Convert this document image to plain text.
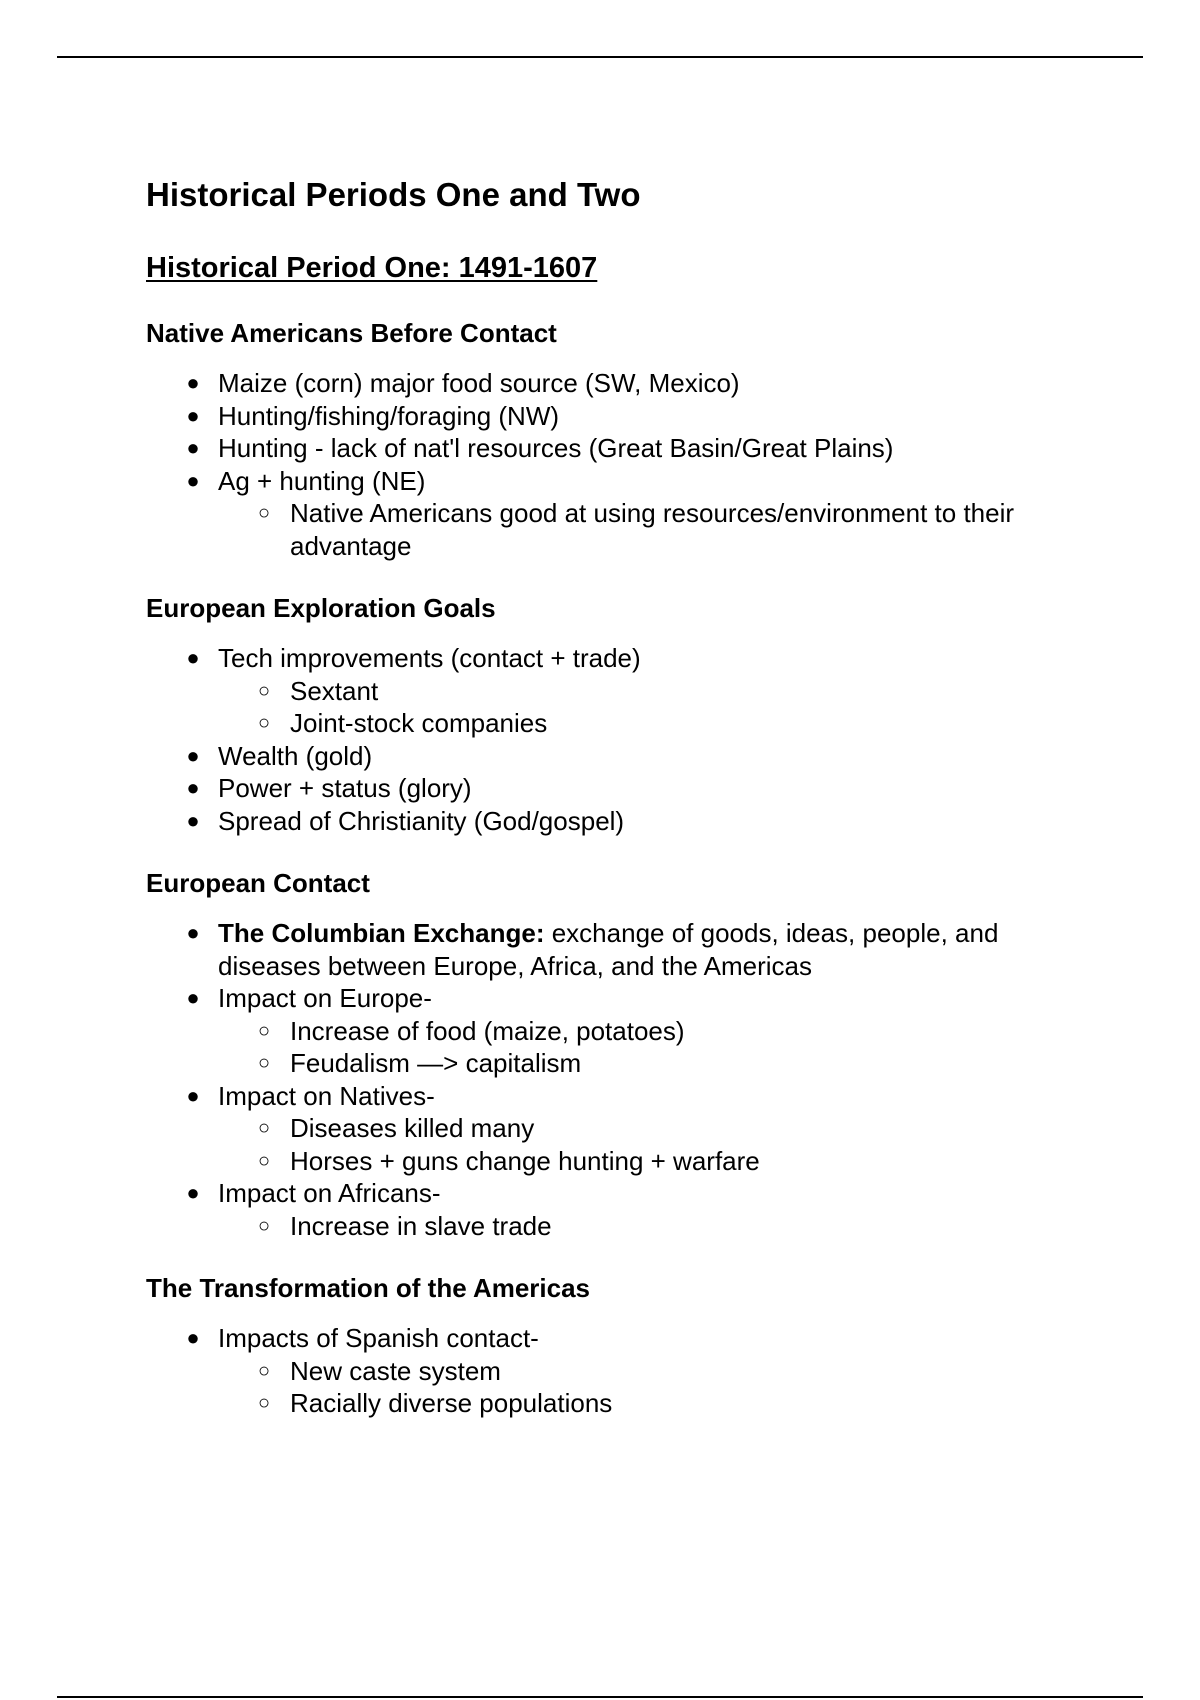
Historical Periods One and Two
Historical Period One: 1491-1607
Native Americans Before Contact
● Maize (corn) major food source (SW, Mexico)
● Hunting/fishing/foraging (NW)
● Hunting - lack of nat'l resources (Great Basin/Great Plains)
● Ag + hunting (NE)
○ Native Americans good at using resources/environment to their advantage
European Exploration Goals
● Tech improvements (contact + trade)
○ Sextant
○ Joint-stock companies
● Wealth (gold)
● Power + status (glory)
● Spread of Christianity (God/gospel)
European Contact
● The Columbian Exchange: exchange of goods, ideas, people, and diseases between Europe, Africa, and the Americas
● Impact on Europe-
○ Increase of food (maize, potatoes)
○ Feudalism —> capitalism
● Impact on Natives-
○ Diseases killed many
○ Horses + guns change hunting + warfare
● Impact on Africans-
○ Increase in slave trade
The Transformation of the Americas
● Impacts of Spanish contact-
○ New caste system
○ Racially diverse populations
